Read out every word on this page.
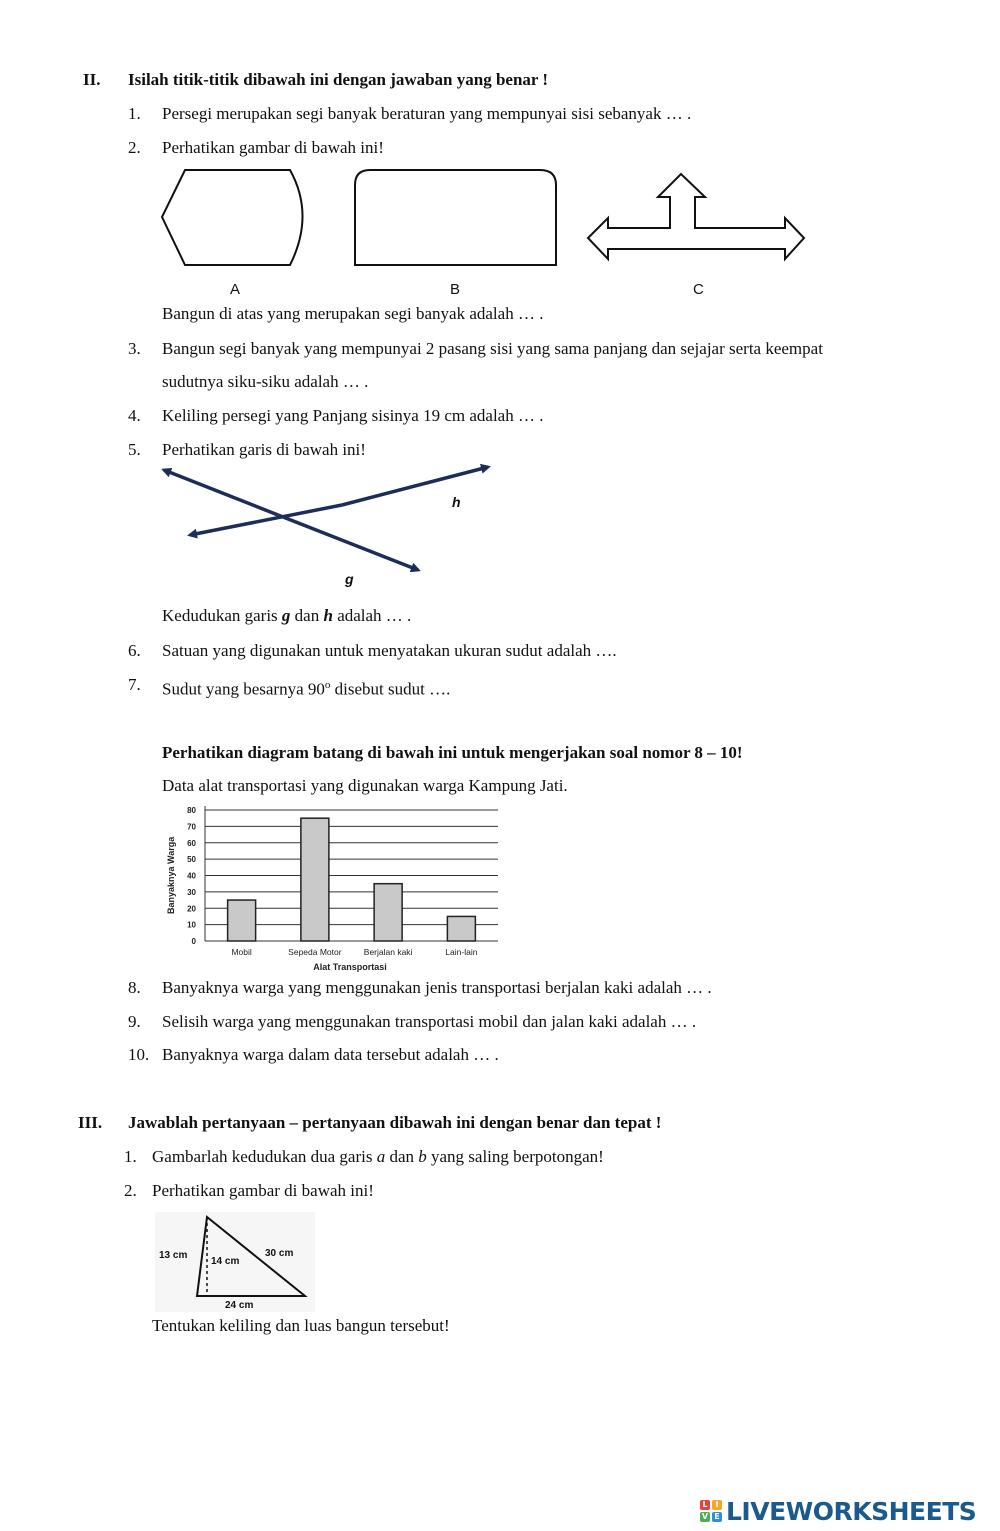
II. Isilah titik-titik dibawah ini dengan jawaban yang benar !
1. Persegi merupakan segi banyak beraturan yang mempunyai sisi sebanyak … .
2. Perhatikan gambar di bawah ini!
A	B	C
Bangun di atas yang merupakan segi banyak adalah … .
3. Bangun segi banyak yang mempunyai 2 pasang sisi yang sama panjang dan sejajar serta keempat
sudutnya siku-siku adalah … .
4. Keliling persegi yang Panjang sisinya 19 cm adalah … .
5. Perhatikan garis di bawah ini!
h
g
Kedudukan garis g dan h adalah … .
6. Satuan yang digunakan untuk menyatakan ukuran sudut adalah ….
7. Sudut yang besarnya 90$^o$ disebut sudut ….
Perhatikan diagram batang di bawah ini untuk mengerjakan soal nomor 8 – 10!
Data alat transportasi yang digunakan warga Kampung Jati.
0
10
20
30
40
50
60
70
80
Mobil	Sepeda Motor	Berjalan kaki	Lain-lain
Banyaknya Warga
Alat Transportasi
8. Banyaknya warga yang menggunakan jenis transportasi berjalan kaki adalah … .
9. Selisih warga yang menggunakan transportasi mobil dan jalan kaki adalah … .
10. Banyaknya warga dalam data tersebut adalah … .
III. Jawablah pertanyaan – pertanyaan dibawah ini dengan benar dan tepat !
1. Gambarlah kedudukan dua garis a dan b yang saling berpotongan!
2. Perhatikan gambar di bawah ini!
13 cm
14 cm
30 cm
24 cm
Tentukan keliling dan luas bangun tersebut!
L I
V E LIVEWORKSHEETS
